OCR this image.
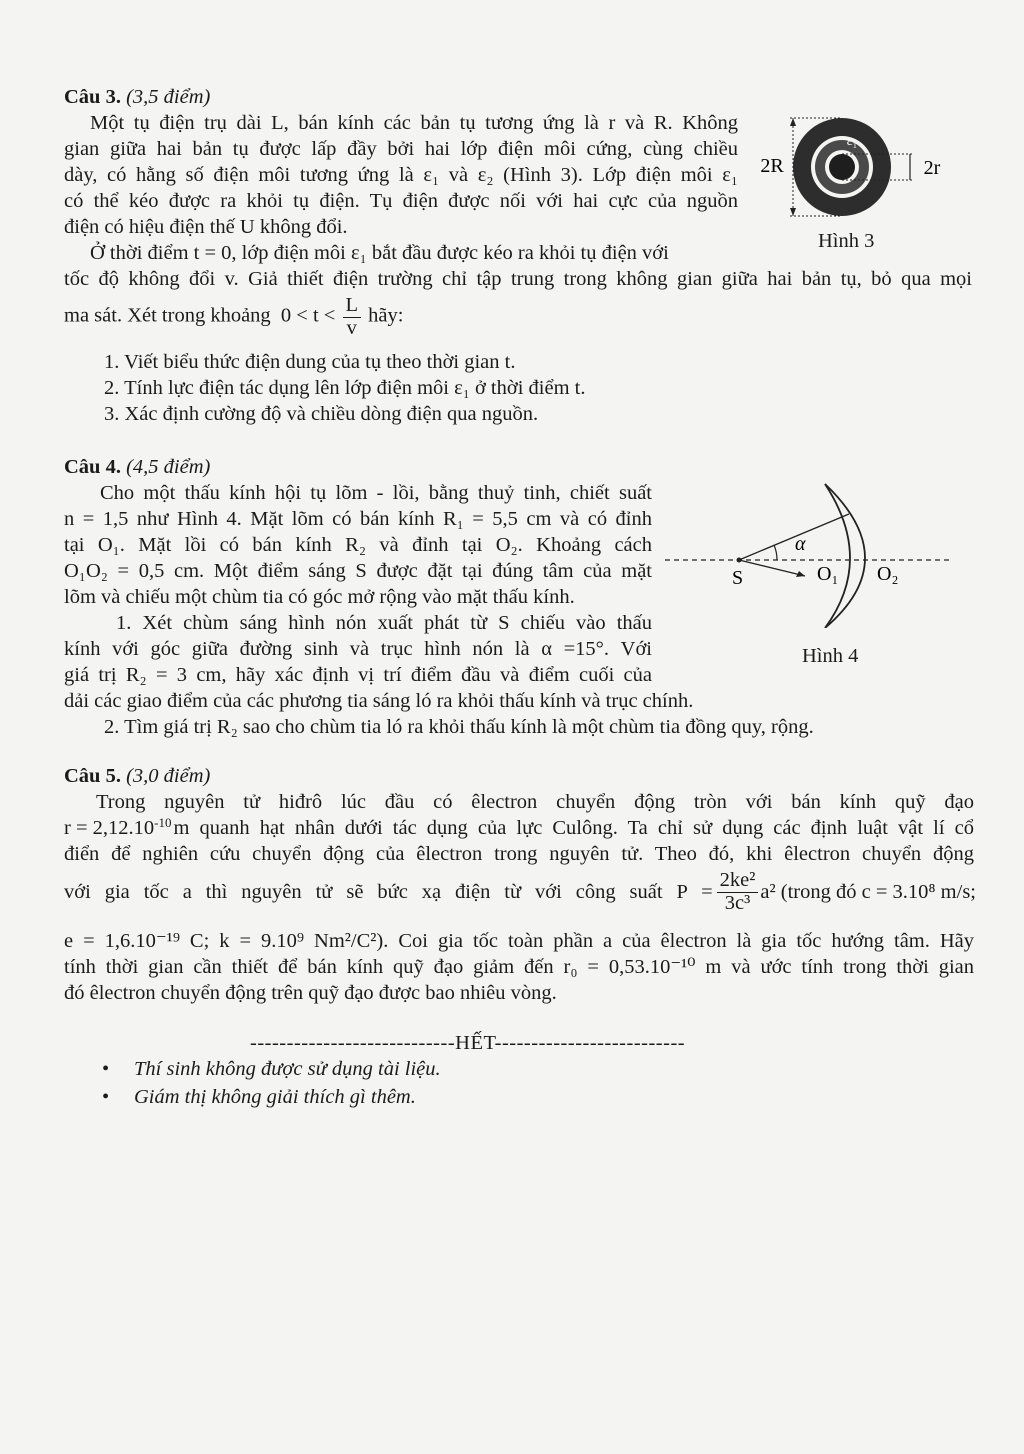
Câu 3. (3,5 điểm)
Một tụ điện trụ dài L, bán kính các bản tụ tương ứng là r và R. Không
gian giữa hai bản tụ được lấp đầy bởi hai lớp điện môi cứng, cùng chiều
dày, có hằng số điện môi tương ứng là ε₁ và ε₂ (Hình 3). Lớp điện môi ε₁
có thể kéo được ra khỏi tụ điện. Tụ điện được nối với hai cực của nguồn
điện có hiệu điện thế U không đổi.
Ở thời điểm t = 0, lớp điện môi ε₁ bắt đầu được kéo ra khỏi tụ điện với
tốc độ không đổi v. Giả thiết điện trường chỉ tập trung trong không gian giữa hai bản tụ, bỏ qua mọi
ma sát. Xét trong khoảng $0 < t < \frac{L}{v}$ hãy:
1. Viết biểu thức điện dung của tụ theo thời gian t.
2. Tính lực điện tác dụng lên lớp điện môi ε₁ ở thời điểm t.
3. Xác định cường độ và chiều dòng điện qua nguồn.
2R	2r
ε₁
Hình 3
Câu 4. (4,5 điểm)
Cho một thấu kính hội tụ lõm - lồi, bằng thuỷ tinh, chiết suất
n = 1,5 như Hình 4. Mặt lõm có bán kính R₁ = 5,5 cm và có đỉnh
tại O₁. Mặt lồi có bán kính R₂ và đỉnh tại O₂. Khoảng cách
O₁O₂ = 0,5 cm. Một điểm sáng S được đặt tại đúng tâm của mặt
lõm và chiếu một chùm tia có góc mở rộng vào mặt thấu kính.
1. Xét chùm sáng hình nón xuất phát từ S chiếu vào thấu
kính với góc giữa đường sinh và trục hình nón là α =15°. Với
giá trị R₂ = 3 cm, hãy xác định vị trí điểm đầu và điểm cuối của
dải các giao điểm của các phương tia sáng ló ra khỏi thấu kính và trục chính.
2. Tìm giá trị R₂ sao cho chùm tia ló ra khỏi thấu kính là một chùm tia đồng quy, rộng.
S	O₁ O₂
α
Hình 4
Câu 5. (3,0 điểm)
Trong nguyên tử hiđrô lúc đầu có êlectron chuyển động tròn với bán kính quỹ đạo
$r = 2,12.10^{-10}$ m quanh hạt nhân dưới tác dụng của lực Culông. Ta chỉ sử dụng các định luật vật lí cổ
điển để nghiên cứu chuyển động của êlectron trong nguyên tử. Theo đó, khi êlectron chuyển động
với gia tốc a thì nguyên tử sẽ bức xạ điện từ với công suất $P = \frac{\text{2ke²}}{\text{3c³}} a^2$ (trong đó c = 3.10⁸ m/s;
e = 1,6.10⁻¹⁹ C; k = 9.10⁹ Nm²/C²). Coi gia tốc toàn phần a của êlectron là gia tốc hướng tâm. Hãy
tính thời gian cần thiết để bán kính quỹ đạo giảm đến r₀ = 0,53.10⁻¹⁰ m và ước tính trong thời gian
đó êlectron chuyển động trên quỹ đạo được bao nhiêu vòng.
----------------------------HẾT--------------------------
• Thí sinh không được sử dụng tài liệu.
• Giám thị không giải thích gì thêm.
